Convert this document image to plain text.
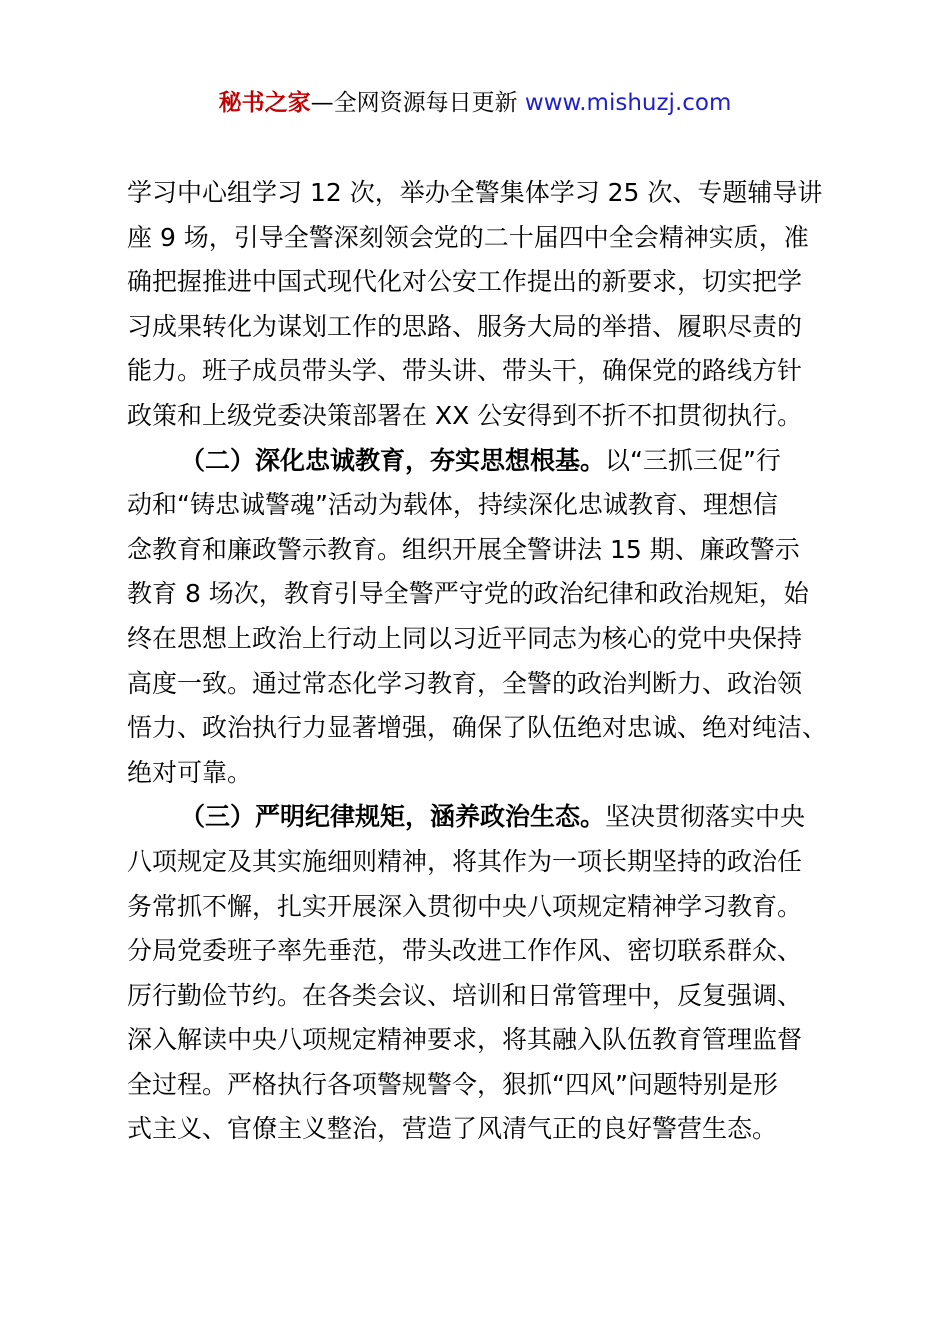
秘书之家—全网资源每日更新 www.mishuzj.com
学习中心组学习 12 次，举办全警集体学习 25 次、专题辅导讲
座 9 场，引导全警深刻领会党的二十届四中全会精神实质，准
确把握推进中国式现代化对公安工作提出的新要求，切实把学
习成果转化为谋划工作的思路、服务大局的举措、履职尽责的
能力。班子成员带头学、带头讲、带头干，确保党的路线方针
政策和上级党委决策部署在 XX 公安得到不折不扣贯彻执行。
（二）深化忠诚教育，夯实思想根基。以“三抓三促”行
动和“铸忠诚警魂”活动为载体，持续深化忠诚教育、理想信
念教育和廉政警示教育。组织开展全警讲法 15 期、廉政警示
教育 8 场次，教育引导全警严守党的政治纪律和政治规矩，始
终在思想上政治上行动上同以习近平同志为核心的党中央保持
高度一致。通过常态化学习教育，全警的政治判断力、政治领
悟力、政治执行力显著增强，确保了队伍绝对忠诚、绝对纯洁、
绝对可靠。
（三）严明纪律规矩，涵养政治生态。坚决贯彻落实中央
八项规定及其实施细则精神，将其作为一项长期坚持的政治任
务常抓不懈，扎实开展深入贯彻中央八项规定精神学习教育。
分局党委班子率先垂范，带头改进工作作风、密切联系群众、
厉行勤俭节约。在各类会议、培训和日常管理中，反复强调、
深入解读中央八项规定精神要求，将其融入队伍教育管理监督
全过程。严格执行各项警规警令，狠抓“四风”问题特别是形
式主义、官僚主义整治，营造了风清气正的良好警营生态。
